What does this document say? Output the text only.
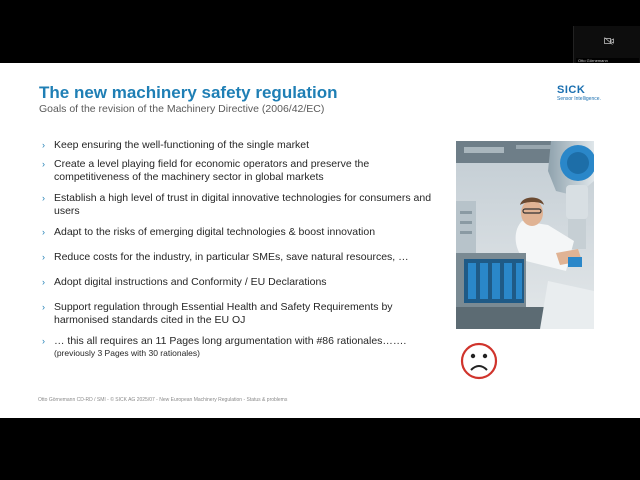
Otto Görnemann
The new machinery safety regulation
Goals of the revision of the Machinery Directive (2006/42/EC)
SICK
Sensor Intelligence.
› Keep ensuring the well-functioning of the single market
› Create a level playing field for economic operators and preserve the competitiveness of the machinery sector in global markets
› Establish a high level of trust in digital innovative technologies for consumers and users
› Adapt to the risks of emerging digital technologies & boost innovation
› Reduce costs for the industry, in particular SMEs, save natural resources, …
› Adopt digital instructions and Conformity / EU Declarations
› Support regulation through Essential Health and Safety Requirements by harmonised standards cited in the EU OJ
› … this all requires an 11 Pages long argumentation with #86 rationales…….
(previously 3 Pages with 30 rationales)
Otto Görnemann CD-RD / SMI - © SICK AG 2025/07 - New European Machinery Regulation - Status & problems
